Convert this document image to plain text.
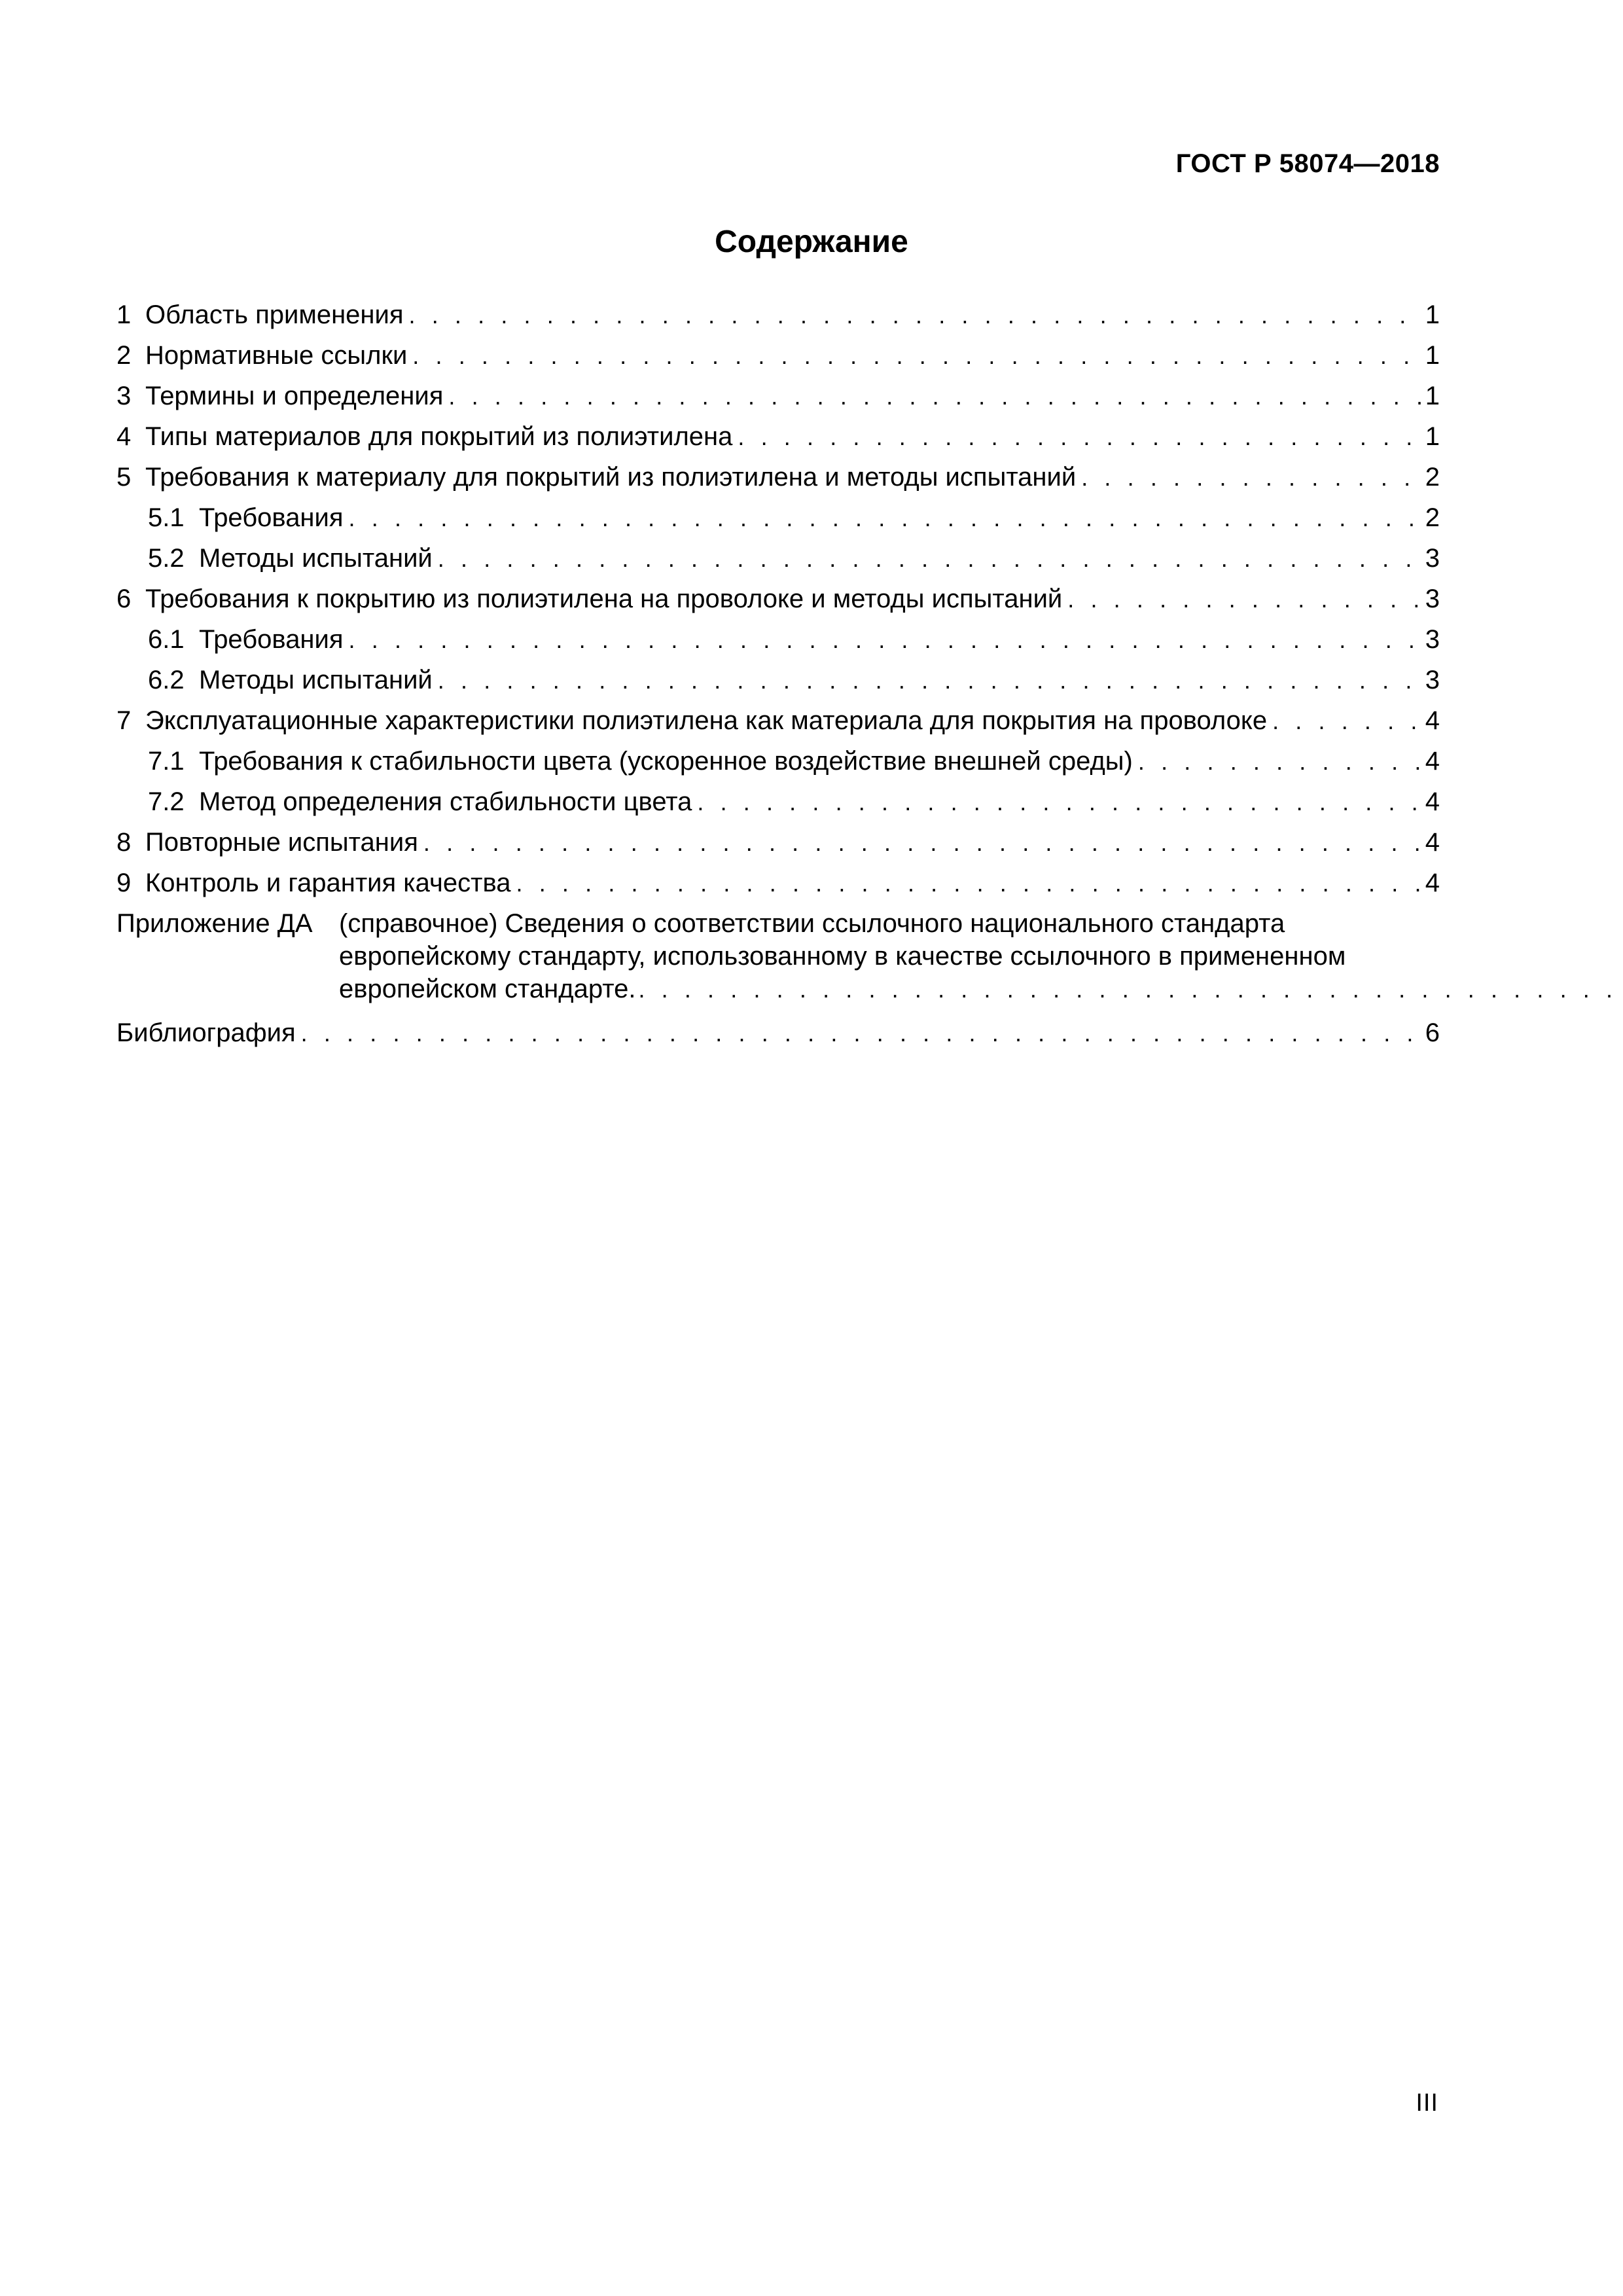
ГОСТ Р 58074—2018
Содержание
1 Область применения . . .	1
2 Нормативные ссылки . . .	1
3 Термины и определения . . .	1
4 Типы материалов для покрытий из полиэтилена . . .	1
5 Требования к материалу для покрытий из полиэтилена и методы испытаний . . .	2
5.1 Требования . . .	2
5.2 Методы испытаний . . .	3
6 Требования к покрытию из полиэтилена на проволоке и методы испытаний . . .	3
6.1 Требования . . .	3
6.2 Методы испытаний . . .	3
7 Эксплуатационные характеристики полиэтилена как материала для покрытия на проволоке . . .	4
7.1 Требования к стабильности цвета (ускоренное воздействие внешней среды) . . .	4
7.2 Метод определения стабильности цвета . . .	4
8 Повторные испытания . . .	4
9 Контроль и гарантия качества . . .	4
Приложение ДА	(справочное) Сведения о соответствии ссылочного национального стандарта
европейскому стандарту, использованному в качестве ссылочного в примененном
европейском стандарте.
. . .
Библиография . . .	6
III
